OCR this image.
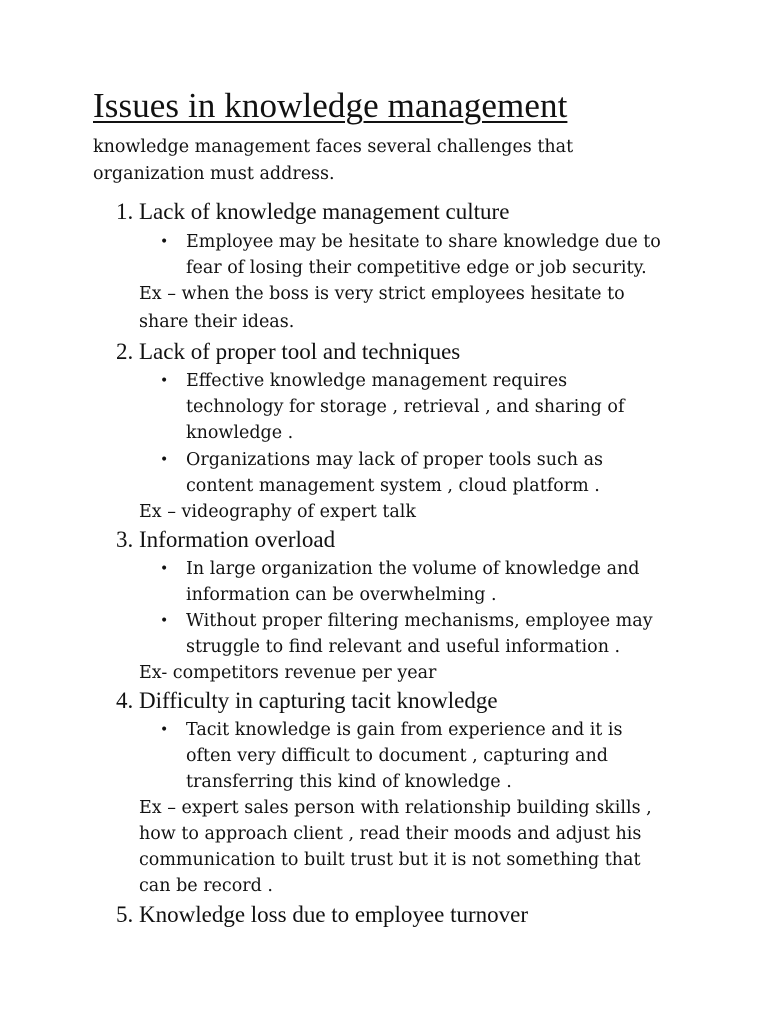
Issues in knowledge management
knowledge management faces several challenges that
organization must address.
1. Lack of knowledge management culture
• Employee may be hesitate to share knowledge due to
fear of losing their competitive edge or job security.
Ex – when the boss is very strict employees hesitate to
share their ideas.
2. Lack of proper tool and techniques
• Effective knowledge management requires
technology for storage , retrieval , and sharing of
knowledge .
• Organizations may lack of proper tools such as
content management system , cloud platform .
Ex – videography of expert talk
3. Information overload
• In large organization the volume of knowledge and
information can be overwhelming .
• Without proper filtering mechanisms, employee may
struggle to find relevant and useful information .
Ex- competitors revenue per year
4. Difficulty in capturing tacit knowledge
• Tacit knowledge is gain from experience and it is
often very difficult to document , capturing and
transferring this kind of knowledge .
Ex – expert sales person with relationship building skills ,
how to approach client , read their moods and adjust his
communication to built trust but it is not something that
can be record .
5. Knowledge loss due to employee turnover
